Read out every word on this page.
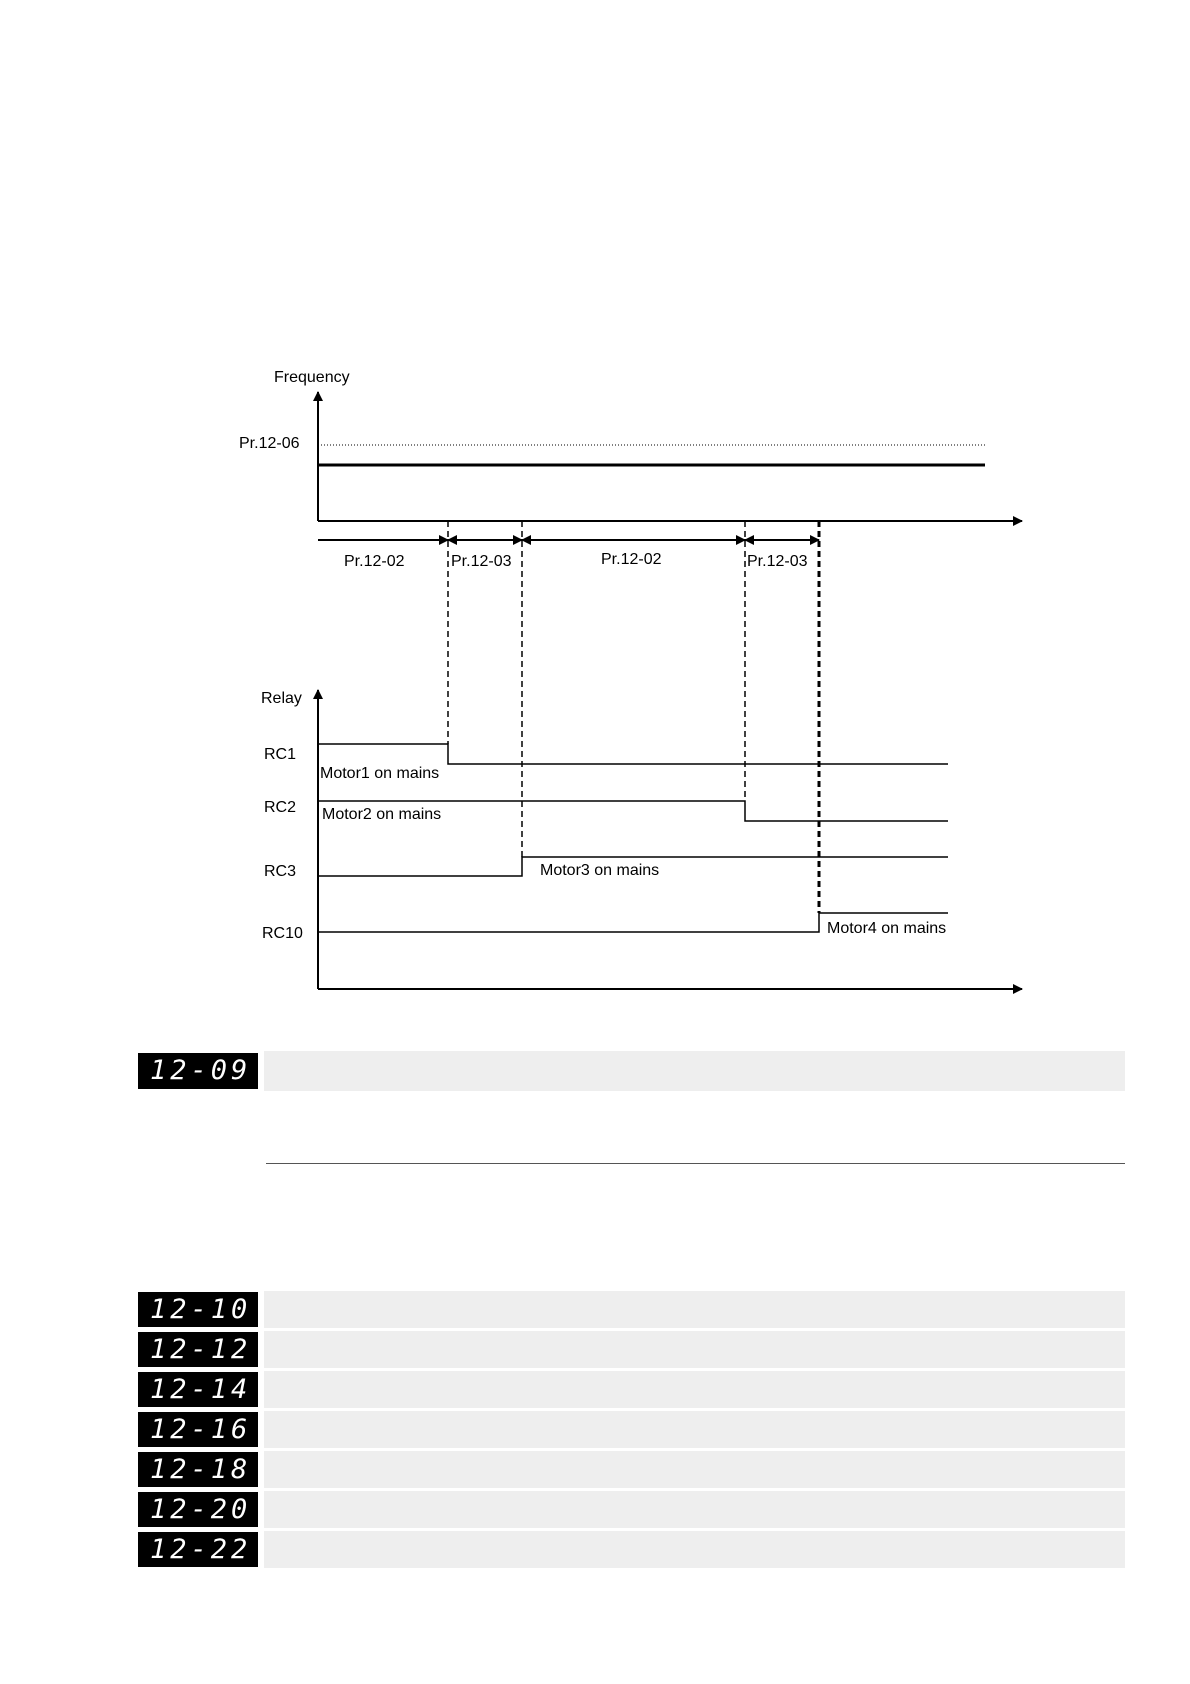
Frequency
Pr.12-06
Pr.12-02	Pr.12-03	Pr.12-02	Pr.12-03
Relay
RC1
RC2
RC3
RC10
Motor1 on mains
Motor2 on mains
Motor3 on mains
Motor4 on mains
12-09
12-10
12-12
12-14
12-16
12-18
12-20
12-22
